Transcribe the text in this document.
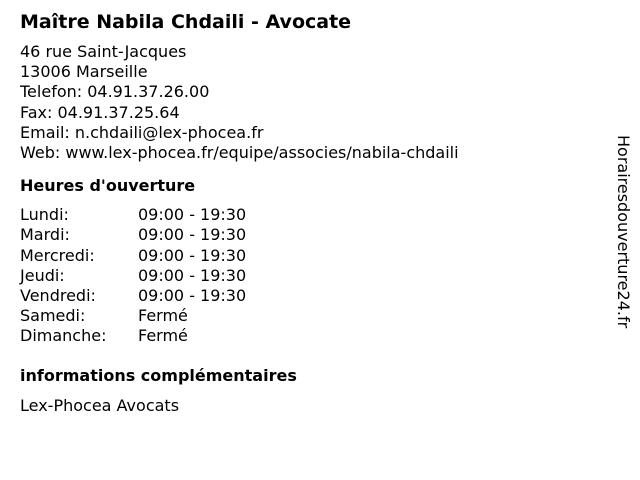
Maître Nabila Chdaili - Avocate
46 rue Saint-Jacques
13006 Marseille
Telefon: 04.91.37.26.00
Fax: 04.91.37.25.64
Email: n.chdaili@lex-phocea.fr
Web: www.lex-phocea.fr/equipe/associes/nabila-chdaili
Heures d'ouverture
Lundi:	09:00 - 19:30
Mardi:	09:00 - 19:30
Mercredi:	09:00 - 19:30
Jeudi:	09:00 - 19:30
Vendredi:	09:00 - 19:30
Samedi:	Fermé
Dimanche:	Fermé
informations complémentaires
Lex-Phocea Avocats
Horairesdouverture24.fr
